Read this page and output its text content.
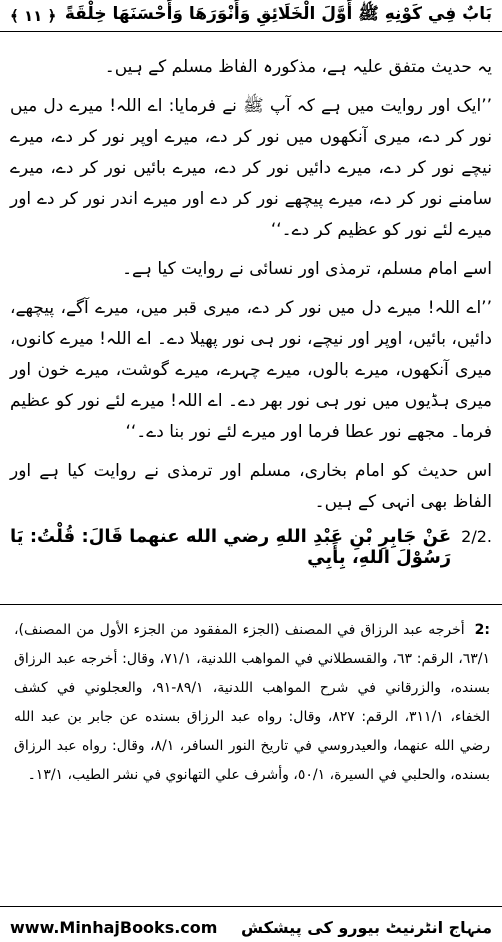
﴿ ۱۱ ﴾ بَابٌ فِي كَوْنِهِ ﷺ أَوَّلَ الْخَلَائِقِ وَأَنْوَرَهَا وَأَحْسَنَهَا خِلْقَةً

یہ حدیث متفق علیہ ہے، مذکورہ الفاظ مسلم کے ہیں۔

’’ایک اور روایت میں ہے کہ آپ ﷺ نے فرمایا: اے اللہ! میرے دل میں نور کر دے، میری آنکھوں میں نور کر دے، میرے اوپر نور کر دے، میرے نیچے نور کر دے، میرے دائیں نور کر دے، میرے بائیں نور کر دے، میرے سامنے نور کر دے، میرے پیچھے نور کر دے اور میرے اندر نور کر دے اور میرے لئے نور کو عظیم کر دے۔‘‘

اسے امام مسلم، ترمذی اور نسائی نے روایت کیا ہے۔

’’اے اللہ! میرے دل میں نور کر دے، میری قبر میں، میرے آگے، پیچھے، دائیں، بائیں، اوپر اور نیچے، نور ہی نور پھیلا دے۔ اے اللہ! میرے کانوں، میری آنکھوں، میرے بالوں، میرے چہرے، میرے گوشت، میرے خون اور میری ہڈیوں میں نور ہی نور بھر دے۔ اے اللہ! میرے لئے نور کو عظیم فرما۔ مجھے نور عطا فرما اور میرے لئے نور بنا دے۔‘‘

اس حدیث کو امام بخاری، مسلم اور ترمذی نے روایت کیا ہے اور الفاظ بھی انہی کے ہیں۔

2/2.
عَنْ جَابِرِ بْنِ عَبْدِ اللهِ رضي الله عنهما قَالَ: قُلْتُ: يَا رَسُوْلَ اللهِ، بِأَبِي
:2
أخرجه عبد الرزاق في المصنف (الجزء المفقود من الجزء الأول من المصنف)، ٦٣/١، الرقم: ٦٣، والقسطلاني في المواهب اللدنية، ٧١/١، وقال: أخرجه عبد الرزاق بسنده، والزرقاني في شرح المواهب اللدنية، ٨٩/١-٩١، والعجلوني في كشف الخفاء، ٣١١/١، الرقم: ٨٢٧، وقال: رواه عبد الرزاق بسنده عن جابر بن عبد الله رضي الله عنهما، والعيدروسي في تاريخ النور السافر، ٨/١، وقال: رواه عبد الرزاق بسنده، والحلبي في السيرة، ٥٠/١، وأشرف علي التهانوي في نشر الطيب، ١٣/١۔
www.MinhajBooks.com منہاج انٹرنیٹ بیورو کی پیشکش
